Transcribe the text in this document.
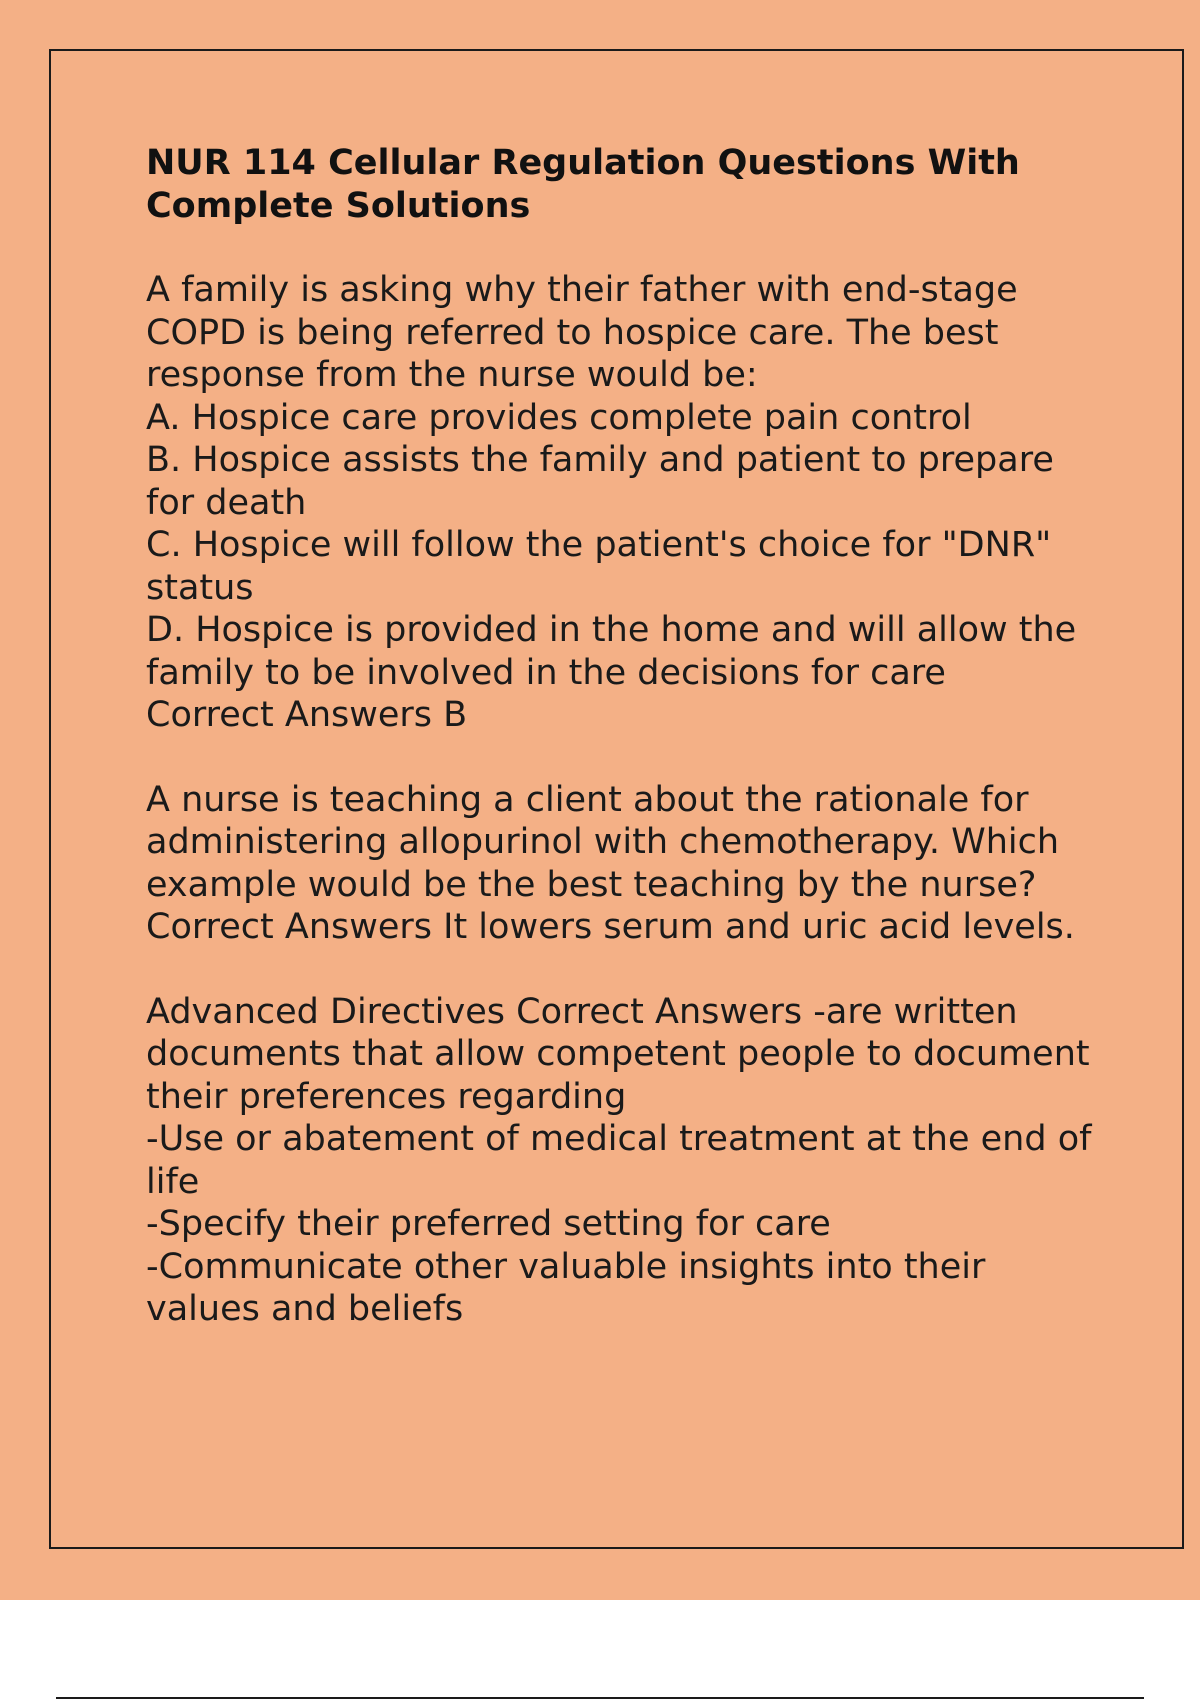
NUR 114 Cellular Regulation Questions With Complete Solutions

A family is asking why their father with end-stage COPD is being referred to hospice care. The best response from the nurse would be:
A. Hospice care provides complete pain control
B. Hospice assists the family and patient to prepare for death
C. Hospice will follow the patient's choice for "DNR" status
D. Hospice is provided in the home and will allow the family to be involved in the decisions for care
Correct Answers B

A nurse is teaching a client about the rationale for administering allopurinol with chemotherapy. Which example would be the best teaching by the nurse? Correct Answers It lowers serum and uric acid levels.

Advanced Directives Correct Answers -are written documents that allow competent people to document their preferences regarding
-Use or abatement of medical treatment at the end of life
-Specify their preferred setting for care
-Communicate other valuable insights into their values and beliefs
